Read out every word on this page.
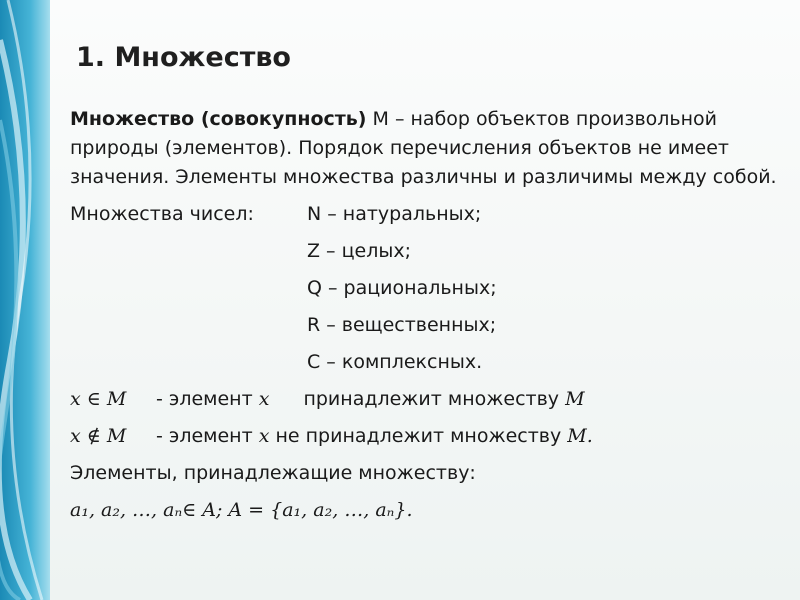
1. Множество

Множество (совокупность) М – набор объектов произвольной природы (элементов). Порядок перечисления объектов не имеет значения. Элементы множества различны и различимы между собой.

Множества чисел:	N – натуральных;
Z – целых;
Q – рациональных;
R – вещественных;
C – комплексных.
𝑥 ∈ 𝑀 - элемент 𝑥 принадлежит множеству 𝑀
𝑥 ∉ 𝑀 - элемент 𝑥 не принадлежит множеству 𝑀.
Элементы, принадлежащие множеству:
𝑎₁, 𝑎₂, …, 𝑎ₙ∈ 𝐴; 𝐴 = {𝑎₁, 𝑎₂, …, 𝑎ₙ}.
